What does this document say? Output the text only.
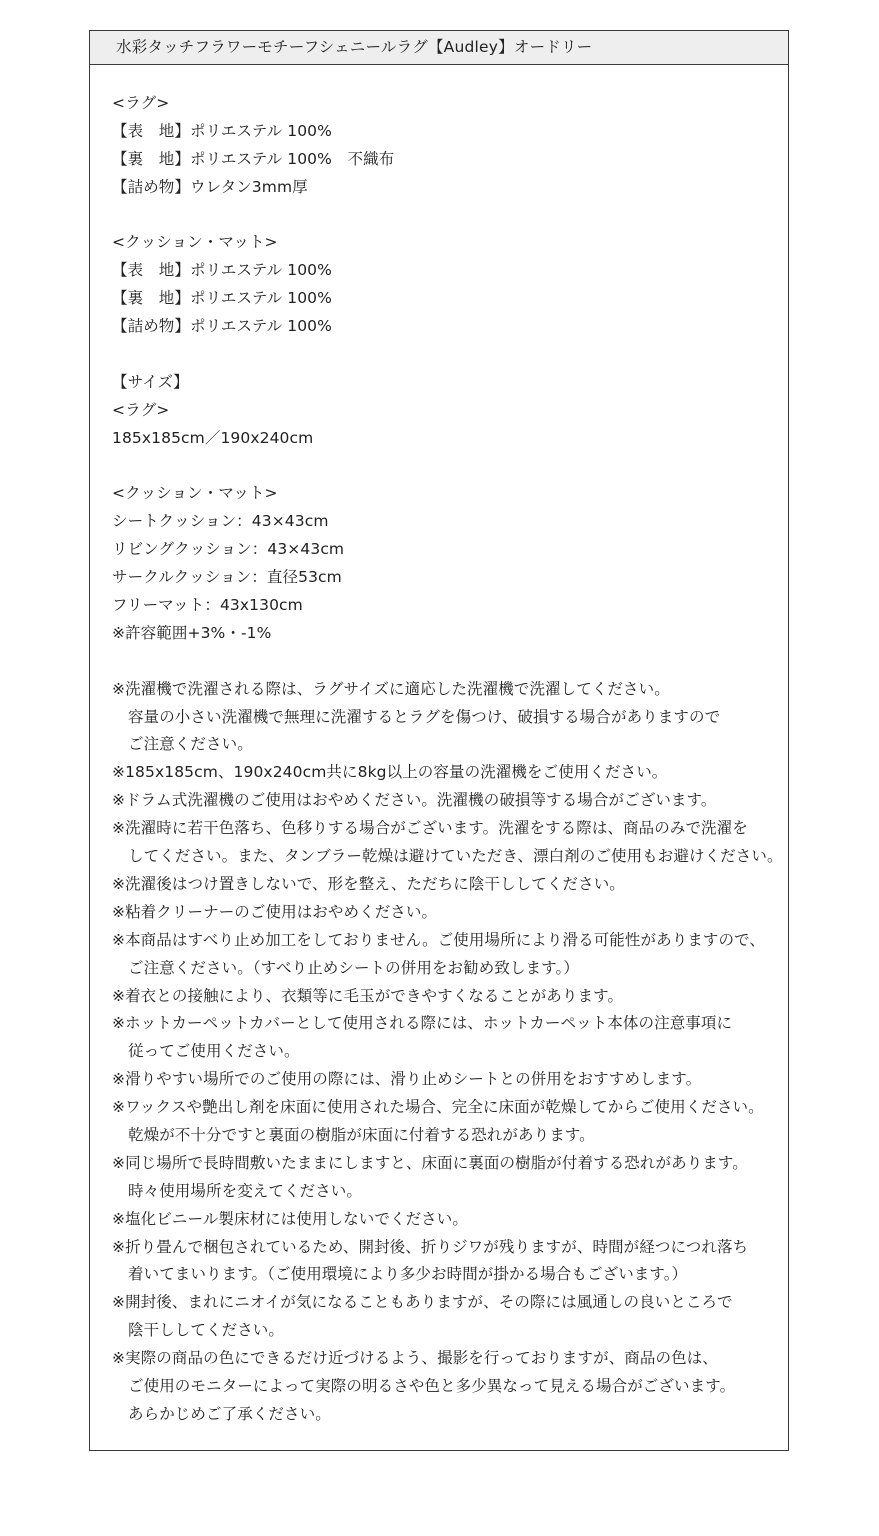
水彩タッチフラワーモチーフシェニールラグ【Audley】オードリー
<ラグ>
【表　地】ポリエステル 100%
【裏　地】ポリエステル 100%　不織布
【詰め物】ウレタン3mm厚
<クッション・マット>
【表　地】ポリエステル 100%
【裏　地】ポリエステル 100%
【詰め物】ポリエステル 100%
【サイズ】
<ラグ>
185x185cm／190x240cm
<クッション・マット>
シートクッション：43×43cm
リビングクッション：43×43cm
サークルクッション：直径53cm
フリーマット：43x130cm
※許容範囲+3%・-1%
※洗濯機で洗濯される際は、ラグサイズに適応した洗濯機で洗濯してください。
容量の小さい洗濯機で無理に洗濯するとラグを傷つけ、破損する場合がありますので
ご注意ください。
※185x185cm、190x240cm共に8kg以上の容量の洗濯機をご使用ください。
※ドラム式洗濯機のご使用はおやめください。洗濯機の破損等する場合がございます。
※洗濯時に若干色落ち、色移りする場合がございます。洗濯をする際は、商品のみで洗濯を
してください。また、タンブラー乾燥は避けていただき、漂白剤のご使用もお避けください。
※洗濯後はつけ置きしないで、形を整え、ただちに陰干ししてください。
※粘着クリーナーのご使用はおやめください。
※本商品はすべり止め加工をしておりません。ご使用場所により滑る可能性がありますので、
ご注意ください。（すべり止めシートの併用をお勧め致します。）
※着衣との接触により、衣類等に毛玉ができやすくなることがあります。
※ホットカーペットカバーとして使用される際には、ホットカーペット本体の注意事項に
従ってご使用ください。
※滑りやすい場所でのご使用の際には、滑り止めシートとの併用をおすすめします。
※ワックスや艶出し剤を床面に使用された場合、完全に床面が乾燥してからご使用ください。
乾燥が不十分ですと裏面の樹脂が床面に付着する恐れがあります。
※同じ場所で長時間敷いたままにしますと、床面に裏面の樹脂が付着する恐れがあります。
時々使用場所を変えてください。
※塩化ビニール製床材には使用しないでください。
※折り畳んで梱包されているため、開封後、折りジワが残りますが、時間が経つにつれ落ち
着いてまいります。（ご使用環境により多少お時間が掛かる場合もございます。）
※開封後、まれにニオイが気になることもありますが、その際には風通しの良いところで
陰干ししてください。
※実際の商品の色にできるだけ近づけるよう、撮影を行っておりますが、商品の色は、
ご使用のモニターによって実際の明るさや色と多少異なって見える場合がございます。
あらかじめご了承ください。
